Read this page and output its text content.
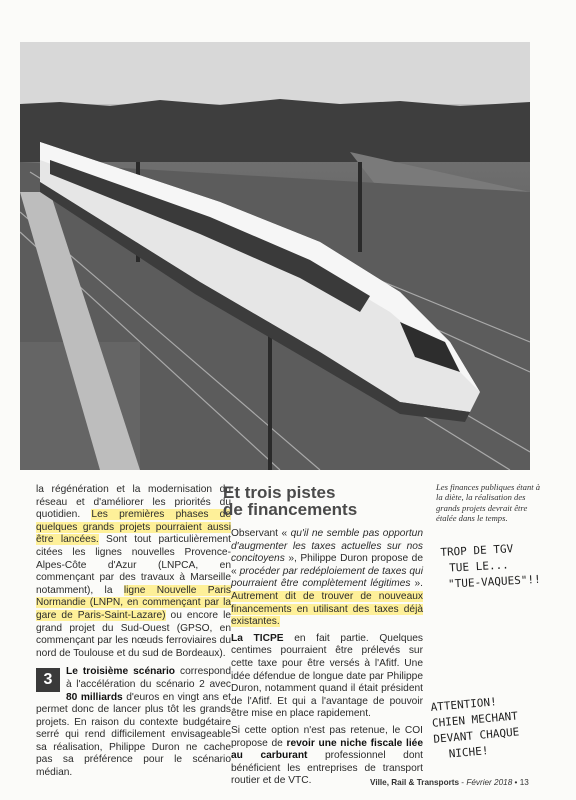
la régénération et la modernisation du réseau et d'améliorer les priorités du quotidien. Les premières phases de quelques grands projets pourraient aussi être lancées. Sont tout particulièrement citées les lignes nouvelles Provence-Alpes-Côte d'Azur (LNPCA, en commençant par des travaux à Marseille notamment), la ligne Nouvelle Paris Normandie (LNPN, en commençant par la gare de Paris-Saint-Lazare) ou encore le grand projet du Sud-Ouest (GPSO, en commençant par les nœuds ferroviaires du nord de Toulouse et du sud de Bordeaux).

3	Le troisième scénario correspond à l'accélération du scénario 2 avec 80 milliards d'euros en vingt ans et permet donc de lancer plus tôt les grands projets. En raison du contexte budgétaire serré qui rend difficilement envisageable sa réalisation, Philippe Duron ne cache pas sa préférence pour le scénario médian.

Et trois pistes
de financements

Observant « qu'il ne semble pas opportun d'augmenter les taxes actuelles sur nos concitoyens », Philippe Duron propose de « procéder par redéploiement de taxes qui pourraient être complètement légitimes ». Autrement dit de trouver de nouveaux financements en utilisant des taxes déjà existantes.

La TICPE en fait partie. Quelques centimes pourraient être prélevés sur cette taxe pour être versés à l'Afitf. Une idée défendue de longue date par Philippe Duron, notamment quand il était président de l'Afitf. Et qui a l'avantage de pouvoir être mise en place rapidement.

Si cette option n'est pas retenue, le COI propose de revoir une niche fiscale liée au carburant professionnel dont bénéficient les entreprises de transport routier et de VTC.

Les finances publiques étant à la diète, la réalisation des grands projets devrait être étalée dans le temps.
TROP DE TGV
TUE LE...
"TUE-VAQUES"!!
ATTENTION!
CHIEN MECHANT
DEVANT CHAQUE
NICHE!
Ville, Rail & Transports - Février 2018 • 13
